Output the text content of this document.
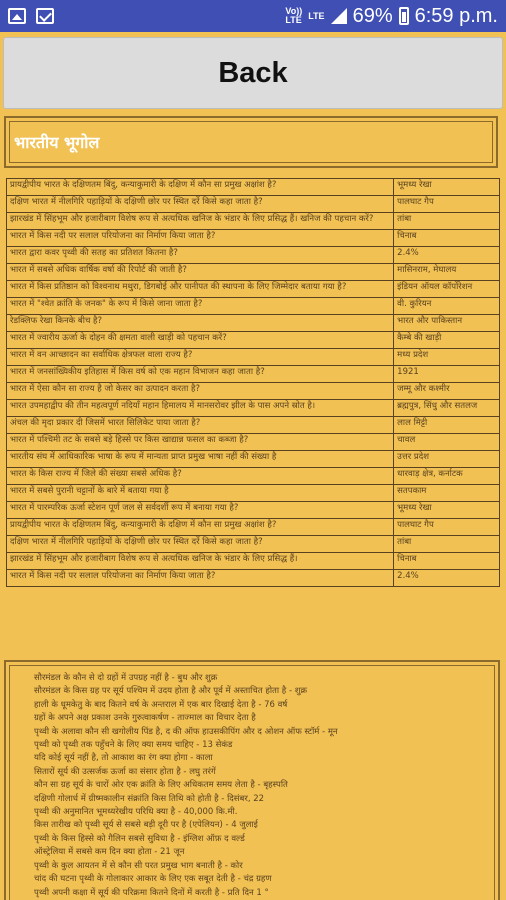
Vo))
LTE LTE 69% 6:59 p.m.
Back
भारतीय भूगोल
प्रायद्वीपीय भारत के दक्षिणतम बिंदु, कन्याकुमारी के दक्षिण में कौन सा प्रमुख अक्षांश है?	भूमध्य रेखा
दक्षिण भारत में नीलगिरि पहाड़ियों के दक्षिणी छोर पर स्थित दर्रे किसे कहा जाता है?	पालघाट गैप
झारखंड में सिंहभूम और हजारीबाग विशेष रूप से अत्यधिक खनिज के भंडार के लिए प्रसिद्ध हैं। खनिज की पहचान करें?	तांबा
भारत में किस नदी पर सलाल परियोजना का निर्माण किया जाता है?	चिनाब
भारत द्वारा कवर पृथ्वी की सतह का प्रतिशत कितना है?	2.4%
भारत में सबसे अधिक वार्षिक वर्षा की रिपोर्ट की जाती है?	मासिनराम, मेघालय
भारत में किस प्रतिष्ठान को विश्वनाथ मथुरा, डिगबोई और पानीपत की स्थापना के लिए जिम्मेदार बताया गया है?	इंडियन ऑयल कॉर्पोरेशन
भारत में "श्वेत क्रांति के जनक" के रूप में किसे जाना जाता है?	वी. कुरियन
रेडक्लिफ रेखा किनके बीच है?	भारत और पाकिस्तान
भारत में ज्वारीय ऊर्जा के दोहन की क्षमता वाली खाड़ी को पहचान करें?	कैम्बे की खाड़ी
भारत में वन आच्छादन का सर्वाधिक क्षेत्रफल वाला राज्य है?	मध्य प्रदेश
भारत में जनसांख्यिकीय इतिहास में किस वर्ष को एक महान विभाजन कहा जाता है?	1921
भारत में ऐसा कौन सा राज्य है जो केसर का उत्पादन करता है?	जम्मू और कश्मीर
भारत उपमहाद्वीप की तीन महत्वपूर्ण नदियाँ महान हिमालय में मानसरोवर झील के पास अपने स्रोत है।	ब्रह्मपुत्र, सिंधु और सतलज
अंचल की मृदा प्रकार दी जिसमें भारत सिलिकेट पाया जाता है?	लाल मिट्टी
भारत में पश्चिमी तट के सबसे बड़े हिस्से पर किस खाद्यान्न फसल का कब्जा है?	चावल
भारतीय संघ में आधिकारिक भाषा के रूप में मान्यता प्राप्त प्रमुख भाषा नहीं की संख्या है	उत्तर प्रदेश
भारत के किस राज्य में जिले की संख्या सबसे अधिक है?	धारवाड़ क्षेत्र, कर्नाटक
भारत में सबसे पुरानी चट्टानों के बारे में बताया गया है	सतपकाम
भारत में पारम्परिक ऊर्जा स्टेशन पूर्ण जल से सर्वदर्शी रूप में बनाया गया है?	भूमध्य रेखा
प्रायद्वीपीय भारत के दक्षिणतम बिंदु, कन्याकुमारी के दक्षिण में कौन सा प्रमुख अक्षांश है?	पालघाट गैप
दक्षिण भारत में नीलगिरि पहाड़ियों के दक्षिणी छोर पर स्थित दर्रे किसे कहा जाता है?	तांबा
झारखंड में सिंहभूम और हजारीबाग विशेष रूप से अत्यधिक खनिज के भंडार के लिए प्रसिद्ध हैं।	चिनाब
भारत में किस नदी पर सलाल परियोजना का निर्माण किया जाता है?	2.4%
• सौरमंडल के कौन से दो ग्रहों में उपग्रह नहीं है - बुध और शुक्र
• सौरमंडल के किस ग्रह पर सूर्य पश्चिम में उदय होता है और पूर्व में अस्ताचित होता है - शुक्र
• हाली के धूमकेतु के बाद कितने वर्ष के अन्तराल में एक बार दिखाई देता है - 76 वर्ष
• ग्रहों के अपने अक्ष प्रकाश उनके गुरुत्वाकर्षण - ताज्माल का विचार देता है
• पृथ्वी के अलावा कौन सी खगोलीय पिंड है, द की ऑफ हाउसकीपिंग और द ओशन ऑफ स्टॉर्म - मून
• पृथ्वी को पृथ्वी तक पहुँचने के लिए क्या समय चाहिए - 13 सेकंड
• यदि कोई सूर्य नहीं है, तो आकाश का रंग क्या होगा - काला
• सितारों सूर्य की उत्सर्जक ऊर्जा का संसार होता है - लघु तरंगें
• कौन सा ग्रह सूर्य के चारों ओर एक क्रांति के लिए अधिकतम समय लेता है - बृहस्पति
• दक्षिणी गोलार्ध में ग्रीष्मकालीन संक्रांति किस तिथि को होती है - दिसंबर, 22
• पृथ्वी की अनुमानित भूमध्यरेखीय परिधि क्या है - 40,000 कि.मी.
• किस तारीख को पृथ्वी सूर्य से सबसे बड़ी दूरी पर है (एपेलियन) - 4 जुलाई
• पृथ्वी के किस हिस्से को गैलिन सबसे सुविधा है - इंग्लिश ऑफ़ द वर्ल्ड
• ऑस्ट्रेलिया में सबसे कम दिन क्या होता - 21 जून
• पृथ्वी के कुल आयतन में से कौन सी परत प्रमुख भाग बनाती है - कोर
• चांद की घटना पृथ्वी के गोलाकार आकार के लिए एक सबूत देती है - चंद्र ग्रहण
• पृथ्वी अपनी कक्षा में सूर्य की परिक्रमा कितने दिनों में करती है - प्रति दिन 1 °
